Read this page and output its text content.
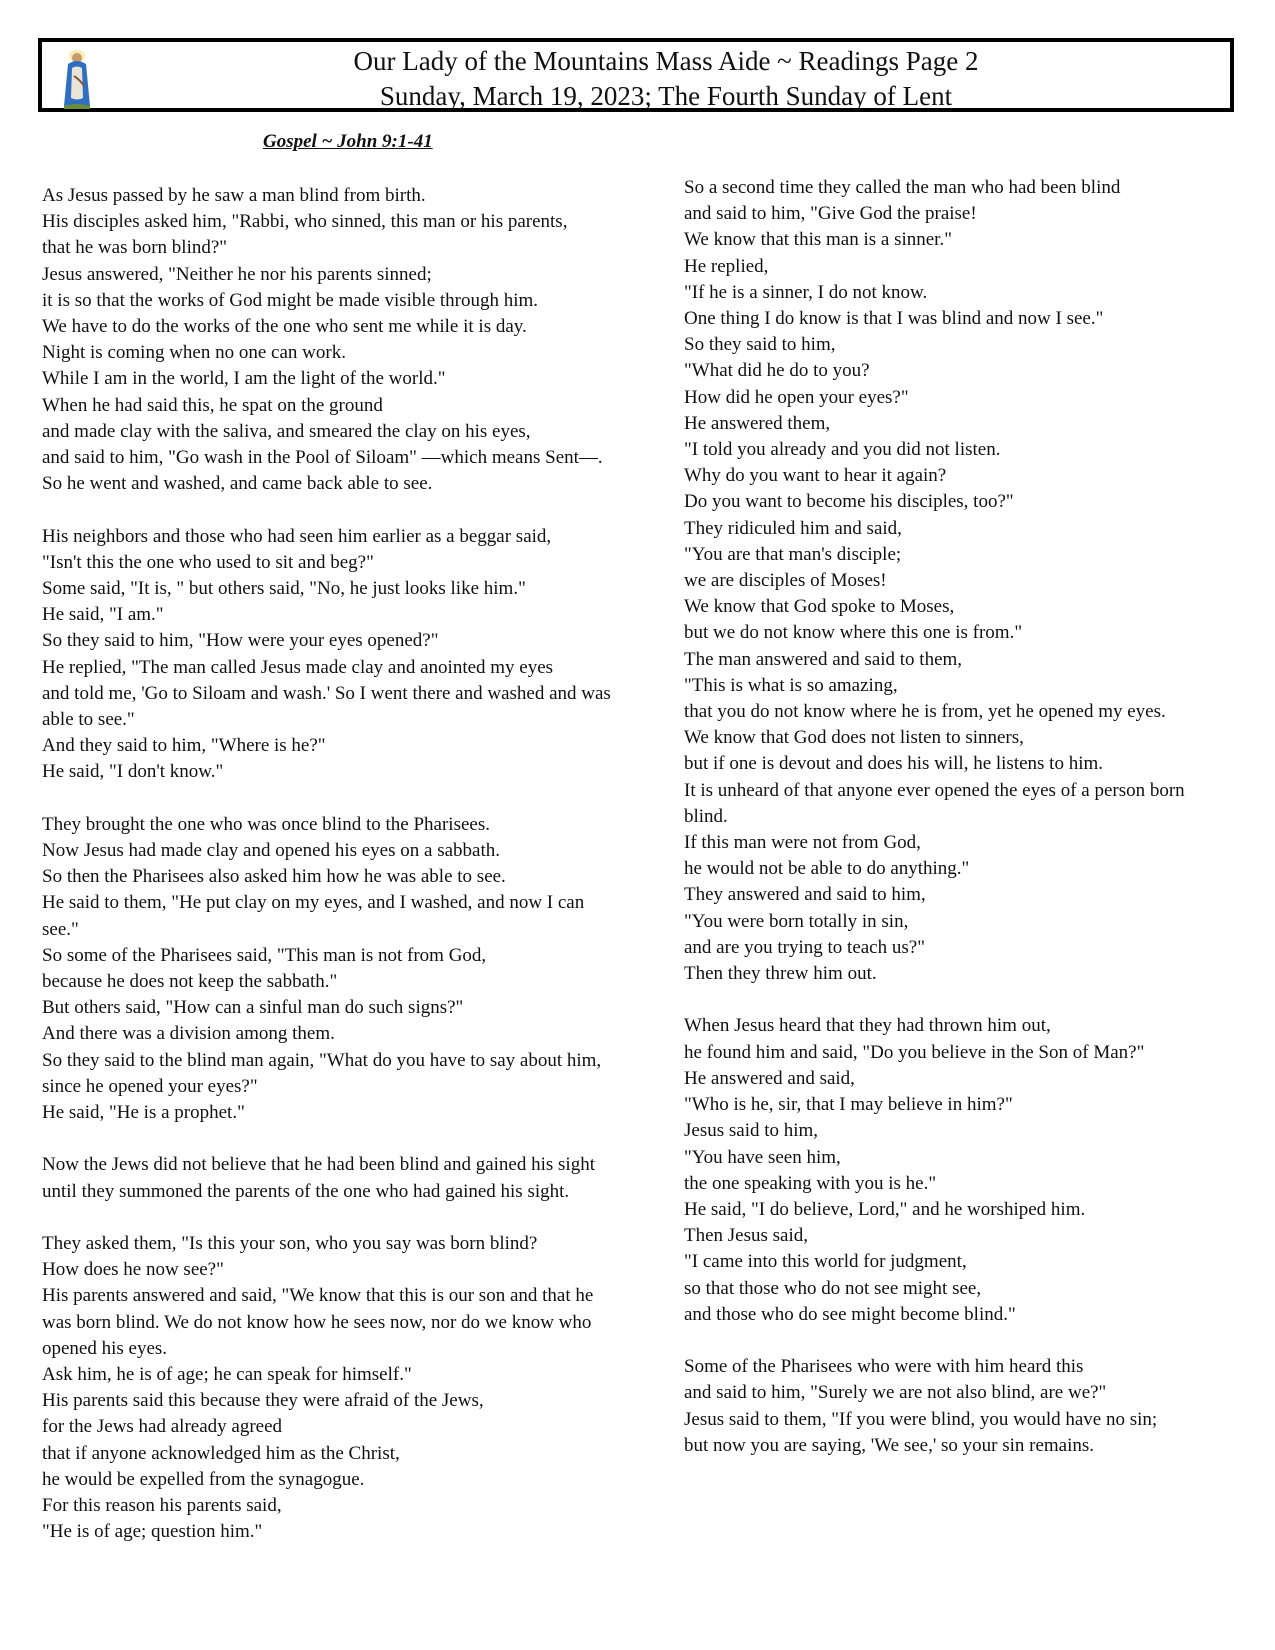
Our Lady of the Mountains Mass Aide ~ Readings Page 2
Sunday, March 19, 2023; The Fourth Sunday of Lent
Gospel ~ John 9:1-41

As Jesus passed by he saw a man blind from birth.
His disciples asked him, "Rabbi, who sinned, this man or his parents,
that he was born blind?"
Jesus answered, "Neither he nor his parents sinned;
it is so that the works of God might be made visible through him.
We have to do the works of the one who sent me while it is day.
Night is coming when no one can work.
While I am in the world, I am the light of the world."
When he had said this, he spat on the ground
and made clay with the saliva, and smeared the clay on his eyes,
and said to him, "Go wash in the Pool of Siloam" —which means Sent—.
So he went and washed, and came back able to see.

His neighbors and those who had seen him earlier as a beggar said,
"Isn't this the one who used to sit and beg?"
Some said, "It is, " but others said, "No, he just looks like him."
He said, "I am."
So they said to him, "How were your eyes opened?"
He replied, "The man called Jesus made clay and anointed my eyes
and told me, 'Go to Siloam and wash.' So I went there and washed and was
able to see."
And they said to him, "Where is he?"
He said, "I don't know."

They brought the one who was once blind to the Pharisees.
Now Jesus had made clay and opened his eyes on a sabbath.
So then the Pharisees also asked him how he was able to see.
He said to them, "He put clay on my eyes, and I washed, and now I can
see."
So some of the Pharisees said, "This man is not from God,
because he does not keep the sabbath."
But others said, "How can a sinful man do such signs?"
And there was a division among them.
So they said to the blind man again, "What do you have to say about him,
since he opened your eyes?"
He said, "He is a prophet."

Now the Jews did not believe that he had been blind and gained his sight
until they summoned the parents of the one who had gained his sight.

They asked them, "Is this your son, who you say was born blind?
How does he now see?"
His parents answered and said, "We know that this is our son and that he
was born blind. We do not know how he sees now, nor do we know who
opened his eyes.
Ask him, he is of age; he can speak for himself."
His parents said this because they were afraid of the Jews,
for the Jews had already agreed
that if anyone acknowledged him as the Christ,
he would be expelled from the synagogue.
For this reason his parents said,
"He is of age; question him."

So a second time they called the man who had been blind
and said to him, "Give God the praise!
We know that this man is a sinner."
He replied,
"If he is a sinner, I do not know.
One thing I do know is that I was blind and now I see."
So they said to him,
"What did he do to you?
How did he open your eyes?"
He answered them,
"I told you already and you did not listen.
Why do you want to hear it again?
Do you want to become his disciples, too?"
They ridiculed him and said,
"You are that man's disciple;
we are disciples of Moses!
We know that God spoke to Moses,
but we do not know where this one is from."
The man answered and said to them,
"This is what is so amazing,
that you do not know where he is from, yet he opened my eyes.
We know that God does not listen to sinners,
but if one is devout and does his will, he listens to him.
It is unheard of that anyone ever opened the eyes of a person born
blind.
If this man were not from God,
he would not be able to do anything."
They answered and said to him,
"You were born totally in sin,
and are you trying to teach us?"
Then they threw him out.

When Jesus heard that they had thrown him out,
he found him and said, "Do you believe in the Son of Man?"
He answered and said,
"Who is he, sir, that I may believe in him?"
Jesus said to him,
"You have seen him,
the one speaking with you is he."
He said, "I do believe, Lord," and he worshiped him.
Then Jesus said,
"I came into this world for judgment,
so that those who do not see might see,
and those who do see might become blind."

Some of the Pharisees who were with him heard this
and said to him, "Surely we are not also blind, are we?"
Jesus said to them, "If you were blind, you would have no sin;
but now you are saying, 'We see,' so your sin remains.
